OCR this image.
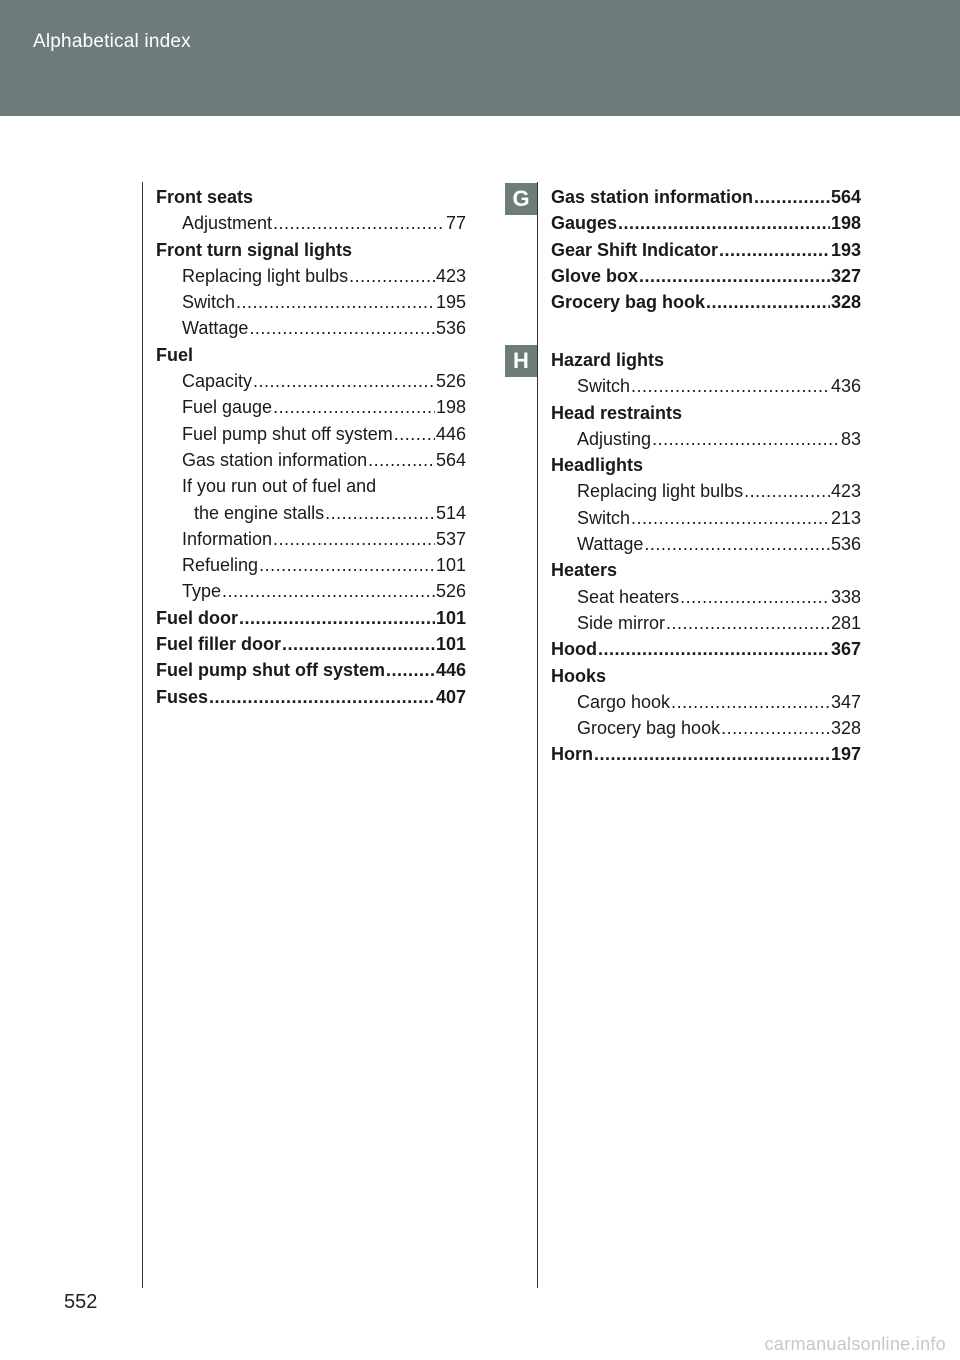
Alphabetical index
Front seats
Adjustment .....	77
Front turn signal lights
Replacing light bulbs .....	423
Switch .....	195
Wattage .....	536
Fuel
Capacity .....	526
Fuel gauge .....	198
Fuel pump shut off system ..... 446
Gas station information .....	564
If you run out of fuel and
the engine stalls .....	514
Information .....	537
Refueling .....	101
Type .....	526
Fuel door .....	101
Fuel filler door .....	101
Fuel pump shut off system .....	446
Fuses .....	407
G	Gas station information .....	564
Gauges .....	198
Gear Shift Indicator .....	193
Glove box .....	327
Grocery bag hook .....	328
H	Hazard lights
Switch .....	436
Head restraints
Adjusting .....	83
Headlights
Replacing light bulbs .....	423
Switch .....	213
Wattage .....	536
Heaters
Seat heaters .....	338
Side mirror .....	281
Hood .....	367
Hooks
Cargo hook .....	347
Grocery bag hook .....	328
Horn .....	197
552
carmanualsonline.info
